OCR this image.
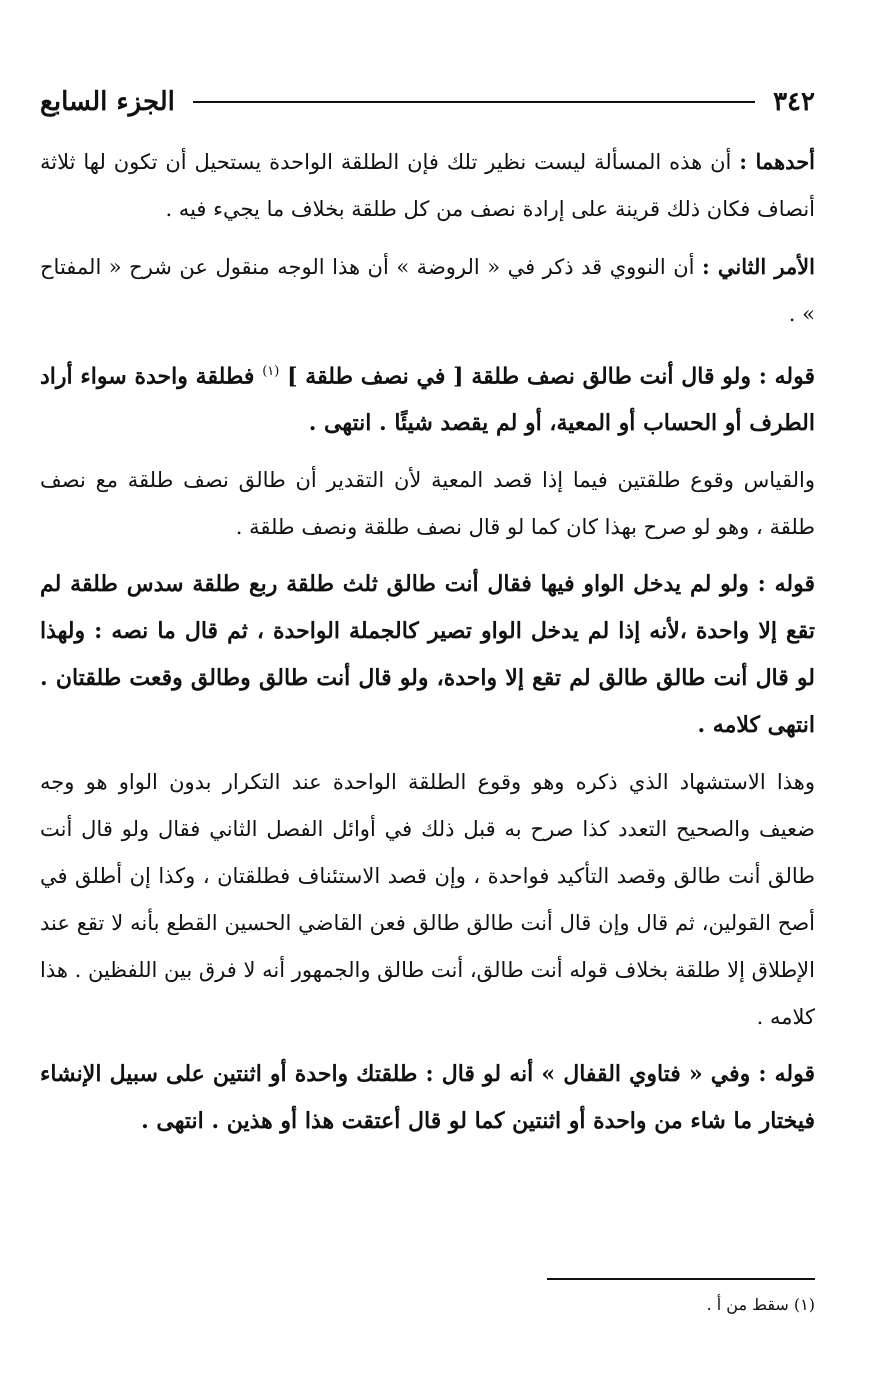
٣٤٢
الجزء السابع

أحدهما : أن هذه المسألة ليست نظير تلك فإن الطلقة الواحدة يستحيل أن تكون لها ثلاثة أنصاف فكان ذلك قرينة على إرادة نصف من كل طلقة بخلاف ما يجيء فيه .

الأمر الثاني : أن النووي قد ذكر في « الروضة » أن هذا الوجه منقول عن شرح « المفتاح » .

قوله : ولو قال أنت طالق نصف طلقة [ في نصف طلقة ] $^{(١)}$ فطلقة واحدة سواء أراد الطرف أو الحساب أو المعية، أو لم يقصد شيئًا . انتهى .

والقياس وقوع طلقتين فيما إذا قصد المعية لأن التقدير أن طالق نصف طلقة مع نصف طلقة ، وهو لو صرح بهذا كان كما لو قال نصف طلقة ونصف طلقة .

قوله : ولو لم يدخل الواو فيها فقال أنت طالق ثلث طلقة ربع طلقة سدس طلقة لم تقع إلا واحدة ،لأنه إذا لم يدخل الواو تصير كالجملة الواحدة ، ثم قال ما نصه : ولهذا لو قال أنت طالق طالق لم تقع إلا واحدة، ولو قال أنت طالق وطالق وقعت طلقتان . انتهى كلامه .

وهذا الاستشهاد الذي ذكره وهو وقوع الطلقة الواحدة عند التكرار بدون الواو هو وجه ضعيف والصحيح التعدد كذا صرح به قبل ذلك في أوائل الفصل الثاني فقال ولو قال أنت طالق أنت طالق وقصد التأكيد فواحدة ، وإن قصد الاستئناف فطلقتان ، وكذا إن أطلق في أصح القولين، ثم قال وإن قال أنت طالق طالق فعن القاضي الحسين القطع بأنه لا تقع عند الإطلاق إلا طلقة بخلاف قوله أنت طالق، أنت طالق والجمهور أنه لا فرق بين اللفظين . هذا كلامه .

قوله : وفي « فتاوي القفال » أنه لو قال : طلقتك واحدة أو اثنتين على سبيل الإنشاء فيختار ما شاء من واحدة أو اثنتين كما لو قال أعتقت هذا أو هذين . انتهى .

(١) سقط من أ .
